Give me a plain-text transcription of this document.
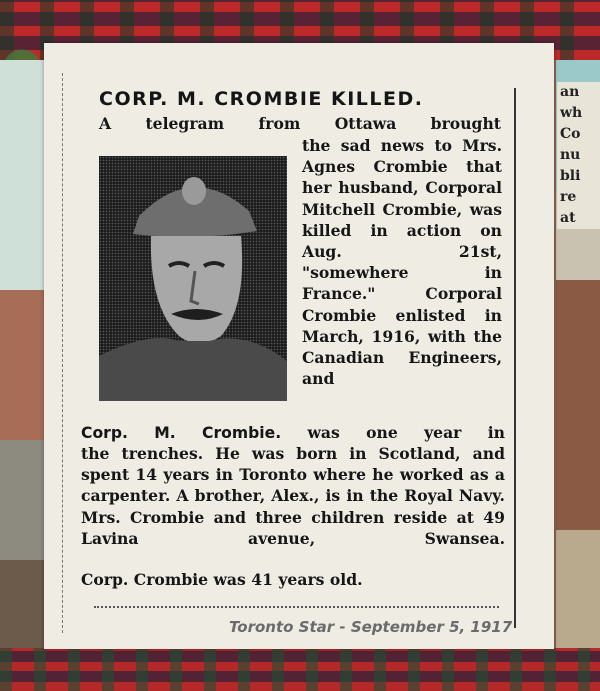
an
wh
Co
nu
bli
re
at
CORP. M. CROMBIE KILLED.
A telegram from Ottawa brought
the sad news to Mrs. Agnes Crombie that her husband, Corporal Mitchell Crombie, was killed in action on Aug. 21st, "somewhere in France." Corporal Crombie enlisted in March, 1916, with the Canadian Engineers, and
Corp. M. Crombie. was one year in
the trenches. He was born in Scotland, and spent 14 years in Toronto where he worked as a carpenter. A brother, Alex., is in the Royal Navy. Mrs. Crombie and three children reside at 49 Lavina avenue, Swansea.
Corp. Crombie was 41 years old.
Toronto Star - September 5, 1917
